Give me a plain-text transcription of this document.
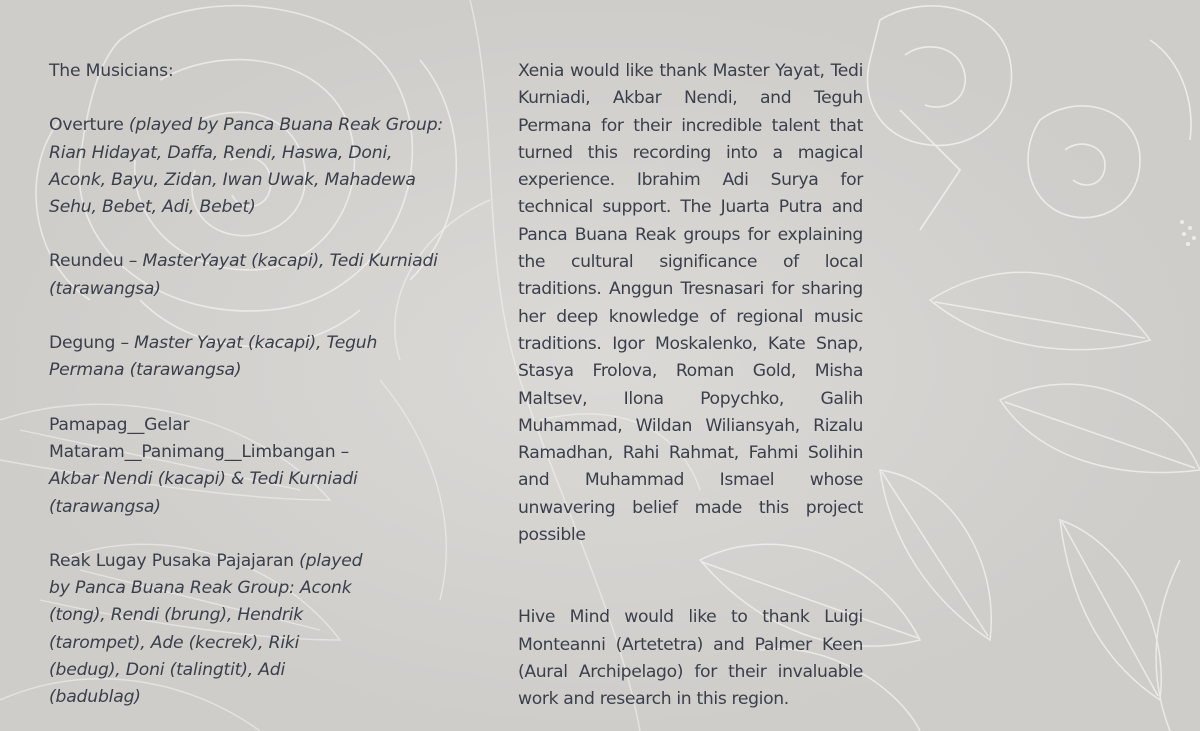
The Musicians:

Overture (played by Panca Buana Reak Group: Rian Hidayat, Daffa, Rendi, Haswa, Doni, Aconk, Bayu, Zidan, Iwan Uwak, Mahadewa Sehu, Bebet, Adi, Bebet)

Reundeu – MasterYayat (kacapi), Tedi Kurniadi (tarawangsa)

Degung – Master Yayat (kacapi), Teguh Permana (tarawangsa)

Pamapag__Gelar Mataram__Panimang__Limbangan – Akbar Nendi (kacapi) & Tedi Kurniadi (tarawangsa)

Reak Lugay Pusaka Pajajaran (played by Panca Buana Reak Group: Aconk (tong), Rendi (brung), Hendrik (tarompet), Ade (kecrek), Riki (bedug), Doni (talingtit), Adi (badublag)

Xenia would like thank Master Yayat, Tedi Kurniadi, Akbar Nendi, and Teguh Permana for their incredible talent that turned this recording into a magical experience. Ibrahim Adi Surya for technical support. The Juarta Putra and Panca Buana Reak groups for explaining the cultural significance of local traditions. Anggun Tresnasari for sharing her deep knowledge of regional music traditions. Igor Moskalenko, Kate Snap, Stasya Frolova, Roman Gold, Misha Maltsev, Ilona Popychko, Galih Muhammad, Wildan Wiliansyah, Rizalu Ramadhan, Rahi Rahmat, Fahmi Solihin and Muhammad Ismael whose unwavering belief made this project possible

Hive Mind would like to thank Luigi Monteanni (Artetetra) and Palmer Keen (Aural Archipelago) for their invaluable work and research in this region.
